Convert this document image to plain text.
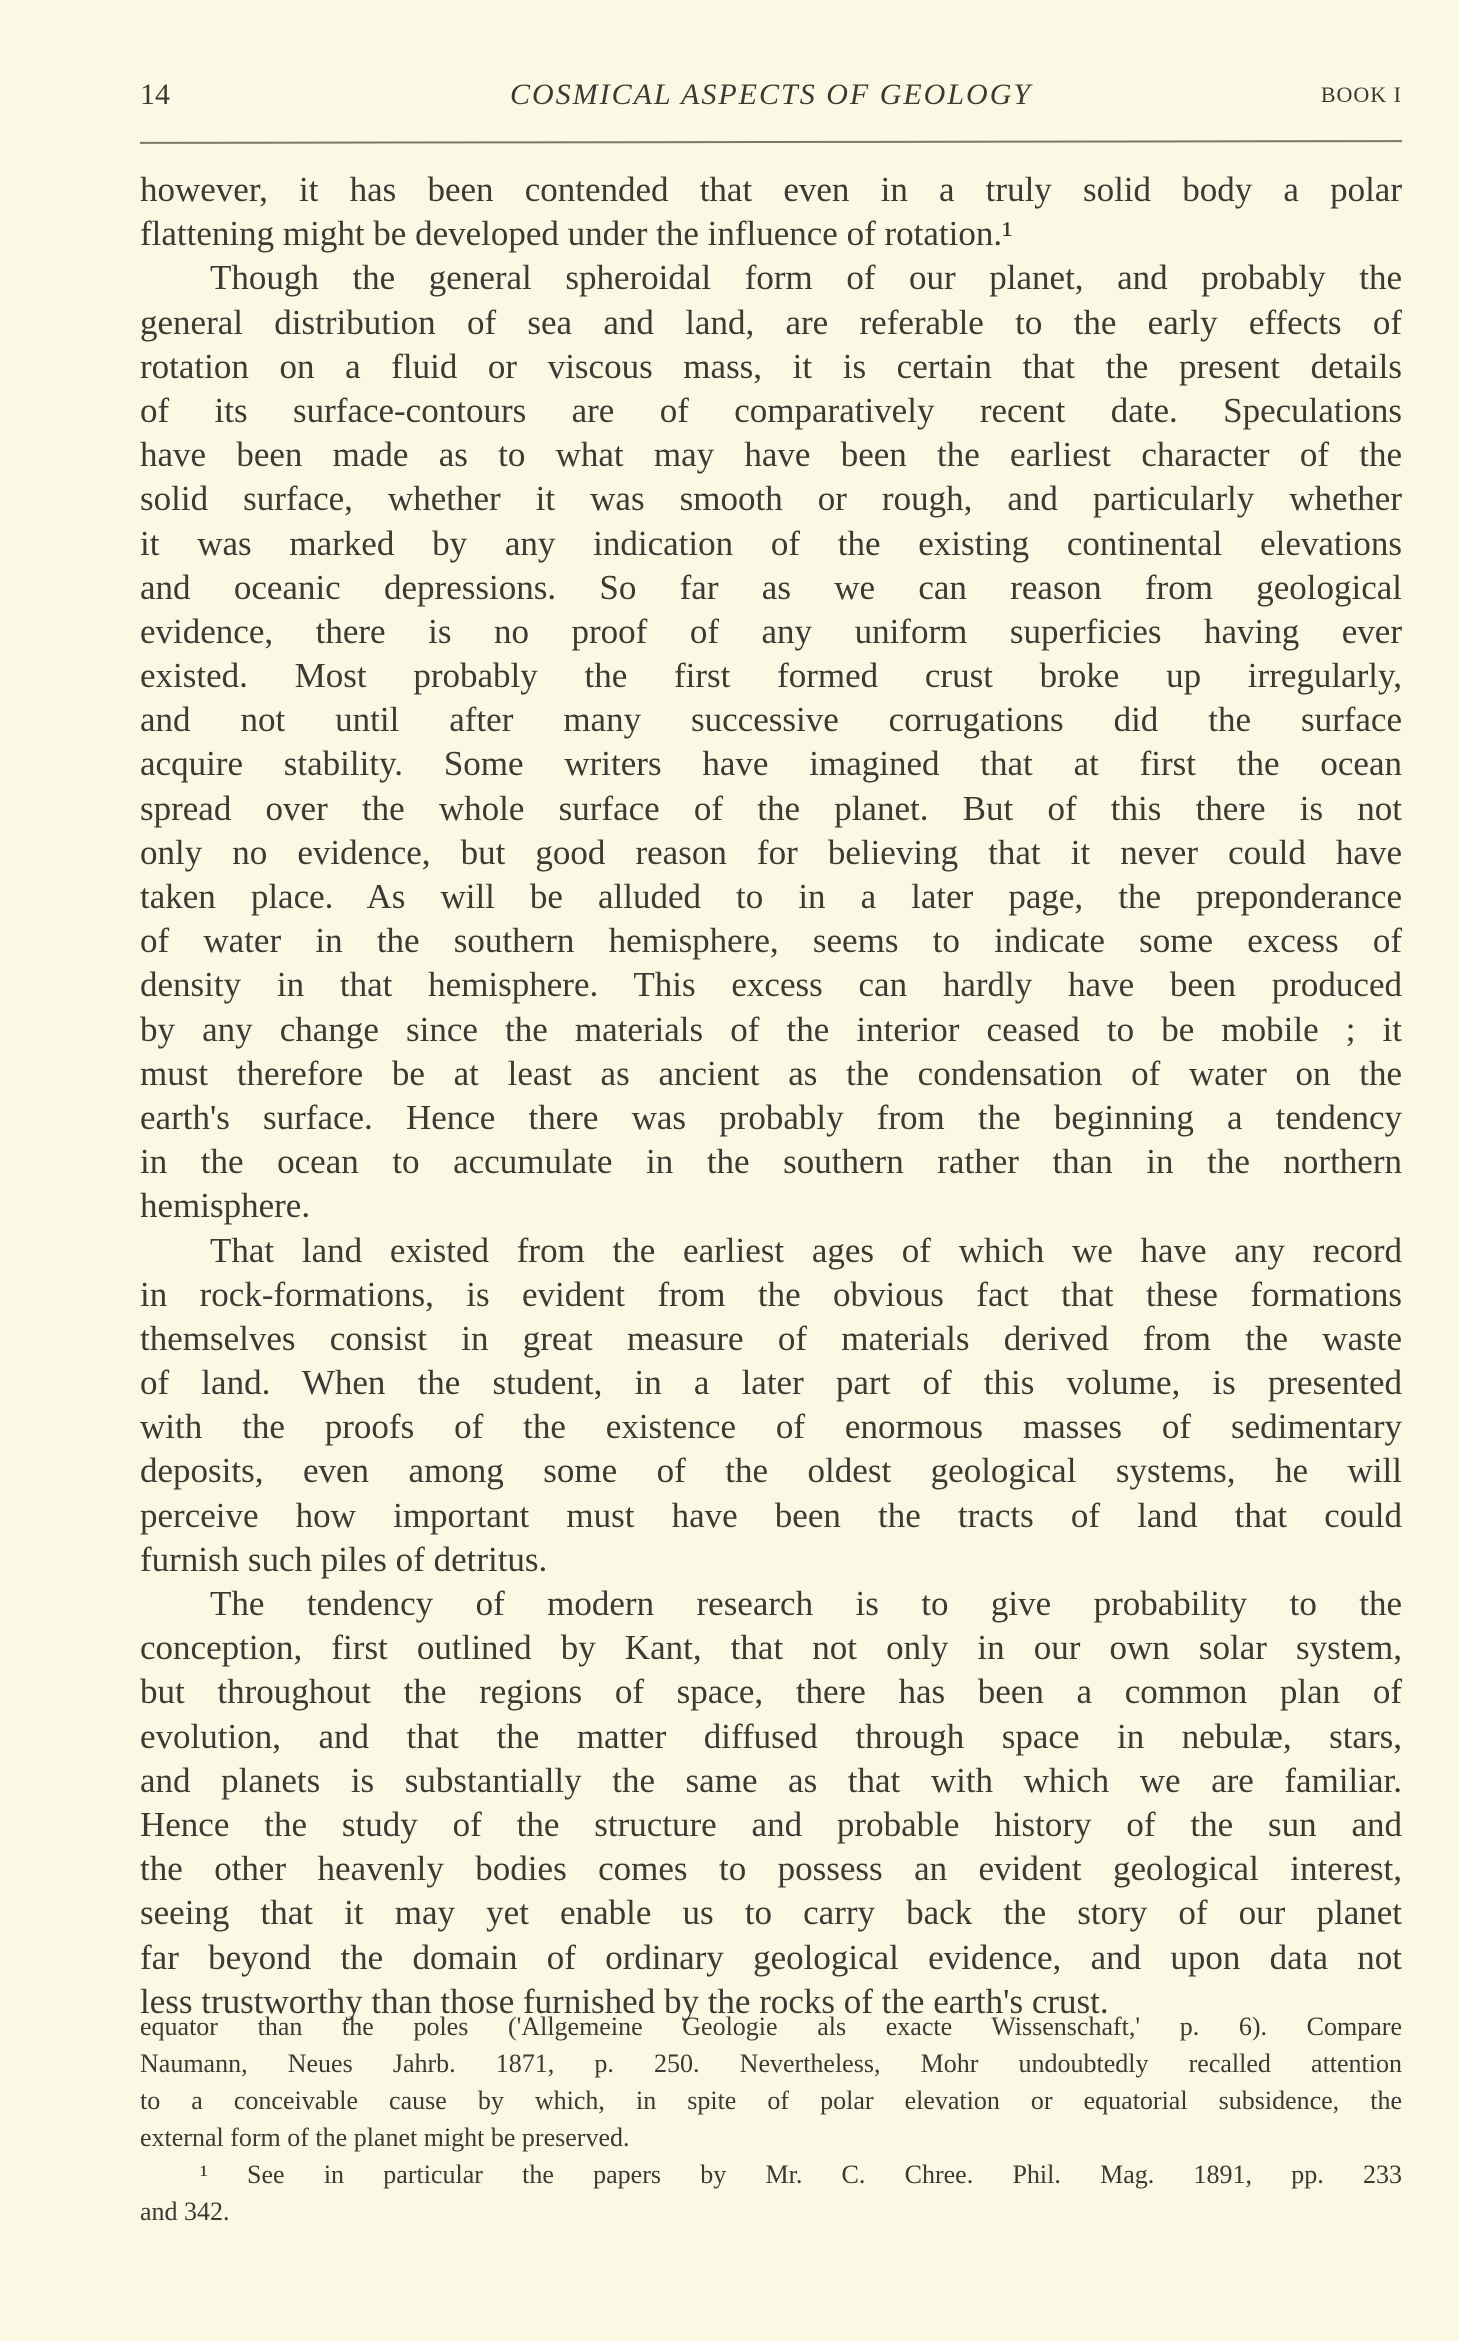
14	COSMICAL ASPECTS OF GEOLOGY	BOOK I
however, it has been contended that even in a truly solid body a polar
flattening might be developed under the influence of rotation.¹
Though the general spheroidal form of our planet, and probably the
general distribution of sea and land, are referable to the early effects of
rotation on a fluid or viscous mass, it is certain that the present details
of its surface-contours are of comparatively recent date. Speculations
have been made as to what may have been the earliest character of the
solid surface, whether it was smooth or rough, and particularly whether
it was marked by any indication of the existing continental elevations
and oceanic depressions. So far as we can reason from geological
evidence, there is no proof of any uniform superficies having ever
existed. Most probably the first formed crust broke up irregularly,
and not until after many successive corrugations did the surface
acquire stability. Some writers have imagined that at first the ocean
spread over the whole surface of the planet. But of this there is not
only no evidence, but good reason for believing that it never could have
taken place. As will be alluded to in a later page, the preponderance
of water in the southern hemisphere, seems to indicate some excess of
density in that hemisphere. This excess can hardly have been produced
by any change since the materials of the interior ceased to be mobile ; it
must therefore be at least as ancient as the condensation of water on the
earth's surface. Hence there was probably from the beginning a tendency
in the ocean to accumulate in the southern rather than in the northern
hemisphere.
That land existed from the earliest ages of which we have any record
in rock-formations, is evident from the obvious fact that these formations
themselves consist in great measure of materials derived from the waste
of land. When the student, in a later part of this volume, is presented
with the proofs of the existence of enormous masses of sedimentary
deposits, even among some of the oldest geological systems, he will
perceive how important must have been the tracts of land that could
furnish such piles of detritus.
The tendency of modern research is to give probability to the
conception, first outlined by Kant, that not only in our own solar system,
but throughout the regions of space, there has been a common plan of
evolution, and that the matter diffused through space in nebulæ, stars,
and planets is substantially the same as that with which we are familiar.
Hence the study of the structure and probable history of the sun and
the other heavenly bodies comes to possess an evident geological interest,
seeing that it may yet enable us to carry back the story of our planet
far beyond the domain of ordinary geological evidence, and upon data not
less trustworthy than those furnished by the rocks of the earth's crust.
equator than the poles ('Allgemeine Geologie als exacte Wissenschaft,' p. 6). Compare
Naumann, Neues Jahrb. 1871, p. 250. Nevertheless, Mohr undoubtedly recalled attention
to a conceivable cause by which, in spite of polar elevation or equatorial subsidence, the
external form of the planet might be preserved.
¹ See in particular the papers by Mr. C. Chree. Phil. Mag. 1891, pp. 233
and 342.
